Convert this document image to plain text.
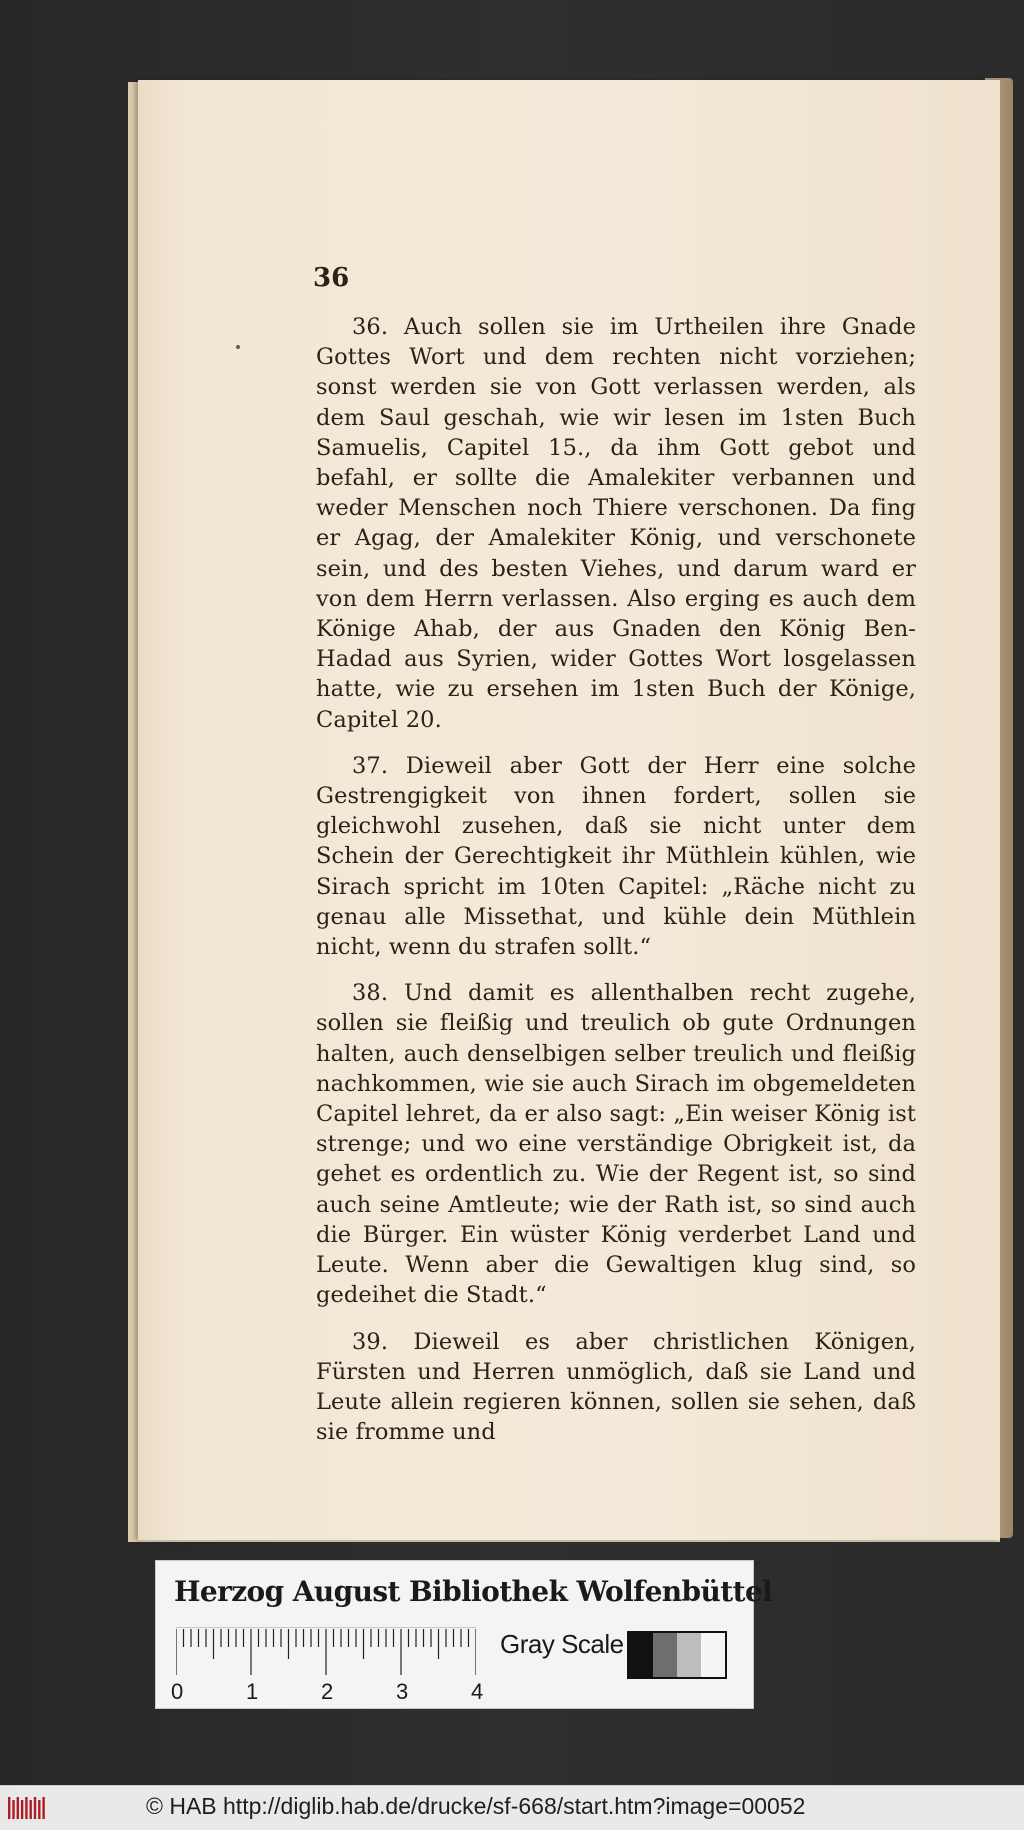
36

36. Auch sollen sie im Urtheilen ihre Gnade Gottes Wort und dem rechten nicht vorziehen; sonst werden sie von Gott verlassen werden, als dem Saul geschah, wie wir lesen im 1sten Buch Samuelis, Capitel 15., da ihm Gott gebot und befahl, er sollte die Amalekiter verbannen und weder Menschen noch Thiere verschonen. Da fing er Agag, der Amalekiter König, und verschonete sein, und des besten Viehes, und darum ward er von dem Herrn verlassen. Also erging es auch dem Könige Ahab, der aus Gnaden den König Ben-Hadad aus Syrien, wider Gottes Wort losgelassen hatte, wie zu ersehen im 1sten Buch der Könige, Capitel 20.

37. Dieweil aber Gott der Herr eine solche Gestrengigkeit von ihnen fordert, sollen sie gleichwohl zusehen, daß sie nicht unter dem Schein der Gerechtigkeit ihr Müthlein kühlen, wie Sirach spricht im 10ten Capitel: „Räche nicht zu genau alle Missethat, und kühle dein Müthlein nicht, wenn du strafen sollt.“

38. Und damit es allenthalben recht zugehe, sollen sie fleißig und treulich ob gute Ordnungen halten, auch denselbigen selber treulich und fleißig nachkommen, wie sie auch Sirach im obgemeldeten Capitel lehret, da er also sagt: „Ein weiser König ist strenge; und wo eine verständige Obrigkeit ist, da gehet es ordentlich zu. Wie der Regent ist, so sind auch seine Amtleute; wie der Rath ist, so sind auch die Bürger. Ein wüster König verderbet Land und Leute. Wenn aber die Gewaltigen klug sind, so gedeihet die Stadt.“

39. Dieweil es aber christlichen Königen, Fürsten und Herren unmöglich, daß sie Land und Leute allein regieren können, sollen sie sehen, daß sie fromme und

Herzog August Bibliothek Wolfenbüttel
0	1	2	3	4
Gray Scale
© HAB http://diglib.hab.de/drucke/sf-668/start.htm?image=00052
